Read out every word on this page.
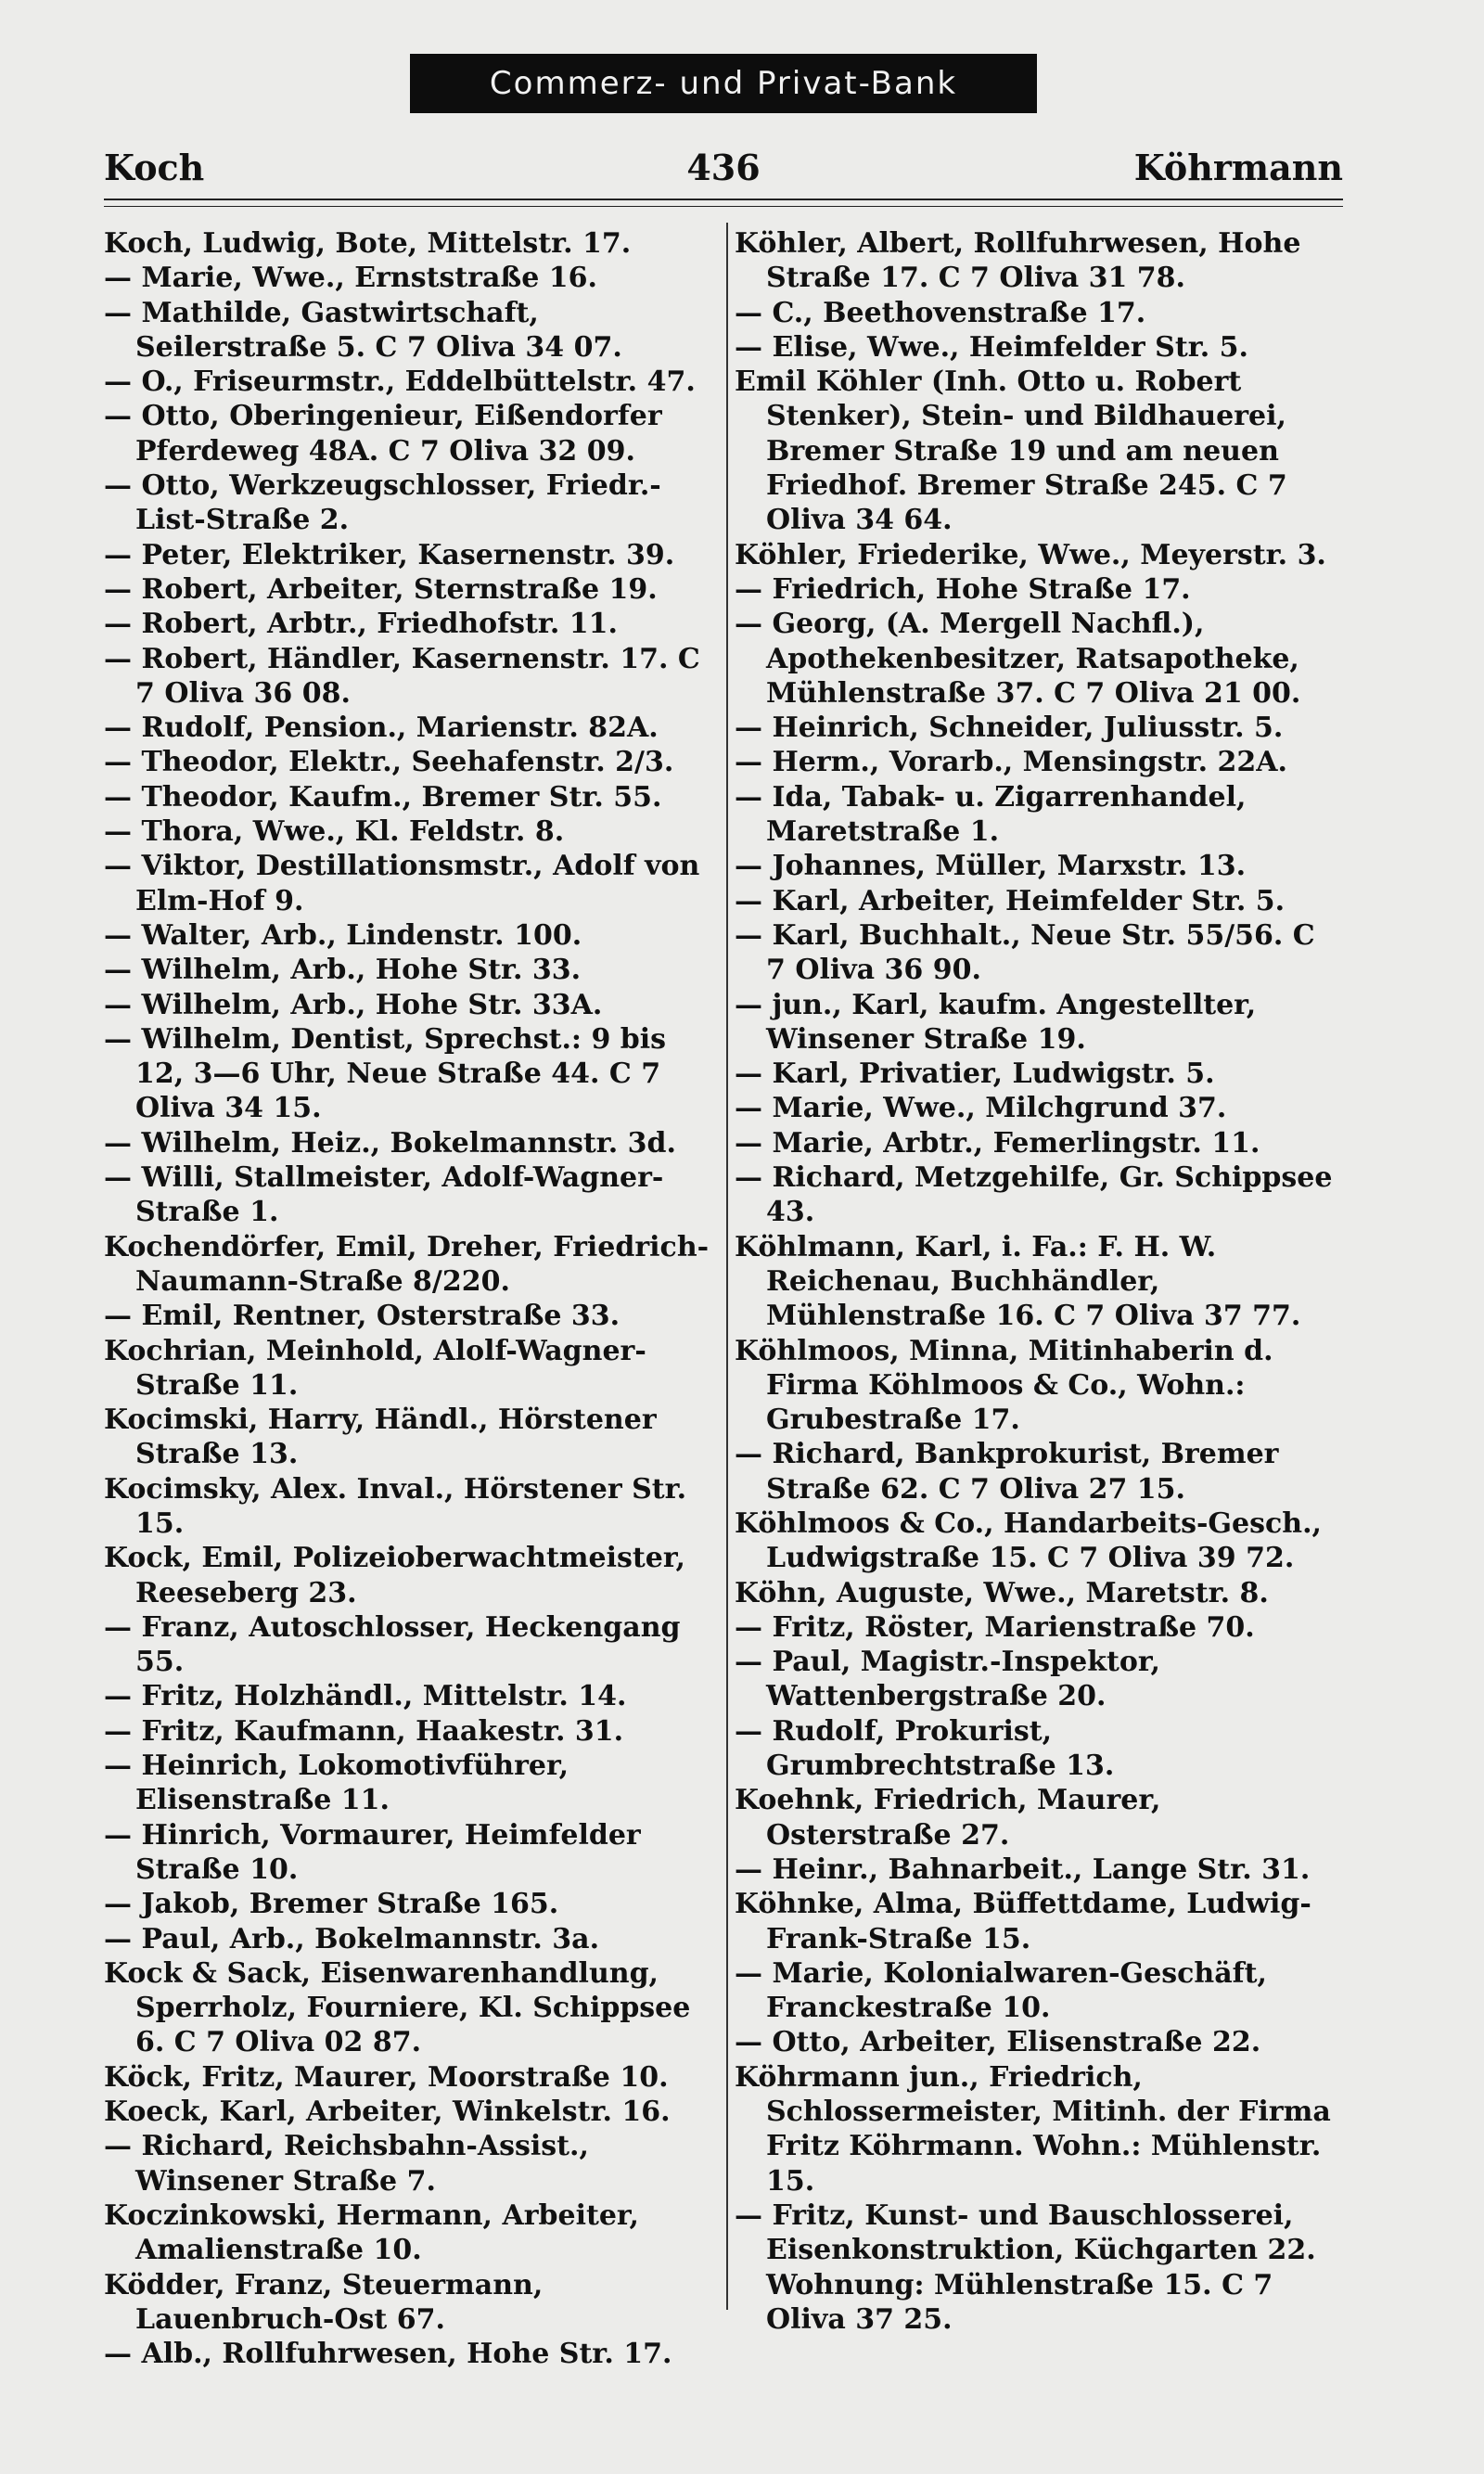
Commerz- und Privat-Bank
Koch	436	Köhrmann

Koch, Ludwig, Bote, Mittelstr. 17.

— Marie, Wwe., Ernststraße 16.

— Mathilde, Gastwirtschaft, Seilerstraße 5. C 7 Oliva 34 07.

— O., Friseurmstr., Eddelbüttelstr. 47.

— Otto, Oberingenieur, Eißendorfer Pferdeweg 48A. C 7 Oliva 32 09.

— Otto, Werkzeugschlosser, Friedr.-List-Straße 2.

— Peter, Elektriker, Kasernenstr. 39.

— Robert, Arbeiter, Sternstraße 19.

— Robert, Arbtr., Friedhofstr. 11.

— Robert, Händler, Kasernenstr. 17. C 7 Oliva 36 08.

— Rudolf, Pension., Marienstr. 82A.

— Theodor, Elektr., Seehafenstr. 2/3.

— Theodor, Kaufm., Bremer Str. 55.

— Thora, Wwe., Kl. Feldstr. 8.

— Viktor, Destillationsmstr., Adolf von Elm-Hof 9.

— Walter, Arb., Lindenstr. 100.

— Wilhelm, Arb., Hohe Str. 33.

— Wilhelm, Arb., Hohe Str. 33A.

— Wilhelm, Dentist, Sprechst.: 9 bis 12, 3—6 Uhr, Neue Straße 44. C 7 Oliva 34 15.

— Wilhelm, Heiz., Bokelmannstr. 3d.

— Willi, Stallmeister, Adolf-Wagner-Straße 1.

Kochendörfer, Emil, Dreher, Friedrich-Naumann-Straße 8/220.

— Emil, Rentner, Osterstraße 33.

Kochrian, Meinhold, Alolf-Wagner-Straße 11.

Kocimski, Harry, Händl., Hörstener Straße 13.

Kocimsky, Alex. Inval., Hörstener Str. 15.

Kock, Emil, Polizeioberwachtmeister, Reeseberg 23.

— Franz, Autoschlosser, Heckengang 55.

— Fritz, Holzhändl., Mittelstr. 14.

— Fritz, Kaufmann, Haakestr. 31.

— Heinrich, Lokomotivführer, Elisenstraße 11.

— Hinrich, Vormaurer, Heimfelder Straße 10.

— Jakob, Bremer Straße 165.

— Paul, Arb., Bokelmannstr. 3a.

Kock & Sack, Eisenwarenhandlung, Sperrholz, Fourniere, Kl. Schippsee 6. C 7 Oliva 02 87.

Köck, Fritz, Maurer, Moorstraße 10.

Koeck, Karl, Arbeiter, Winkelstr. 16.

— Richard, Reichsbahn-Assist., Winsener Straße 7.

Koczinkowski, Hermann, Arbeiter, Amalienstraße 10.

Ködder, Franz, Steuermann, Lauenbruch-Ost 67.

— Alb., Rollfuhrwesen, Hohe Str. 17.

Köhler, Albert, Rollfuhrwesen, Hohe Straße 17. C 7 Oliva 31 78.

— C., Beethovenstraße 17.

— Elise, Wwe., Heimfelder Str. 5.

Emil Köhler (Inh. Otto u. Robert Stenker), Stein- und Bildhauerei, Bremer Straße 19 und am neuen Friedhof. Bremer Straße 245. C 7 Oliva 34 64.

Köhler, Friederike, Wwe., Meyerstr. 3.

— Friedrich, Hohe Straße 17.

— Georg, (A. Mergell Nachfl.), Apothekenbesitzer, Ratsapotheke, Mühlenstraße 37. C 7 Oliva 21 00.

— Heinrich, Schneider, Juliusstr. 5.

— Herm., Vorarb., Mensingstr. 22A.

— Ida, Tabak- u. Zigarrenhandel, Maretstraße 1.

— Johannes, Müller, Marxstr. 13.

— Karl, Arbeiter, Heimfelder Str. 5.

— Karl, Buchhalt., Neue Str. 55/56. C 7 Oliva 36 90.

— jun., Karl, kaufm. Angestellter, Winsener Straße 19.

— Karl, Privatier, Ludwigstr. 5.

— Marie, Wwe., Milchgrund 37.

— Marie, Arbtr., Femerlingstr. 11.

— Richard, Metzgehilfe, Gr. Schippsee 43.

Köhlmann, Karl, i. Fa.: F. H. W. Reichenau, Buchhändler, Mühlenstraße 16. C 7 Oliva 37 77.

Köhlmoos, Minna, Mitinhaberin d. Firma Köhlmoos & Co., Wohn.: Grubestraße 17.

— Richard, Bankprokurist, Bremer Straße 62. C 7 Oliva 27 15.

Köhlmoos & Co., Handarbeits-Gesch., Ludwigstraße 15. C 7 Oliva 39 72.

Köhn, Auguste, Wwe., Maretstr. 8.

— Fritz, Röster, Marienstraße 70.

— Paul, Magistr.-Inspektor, Wattenbergstraße 20.

— Rudolf, Prokurist, Grumbrechtstraße 13.

Koehnk, Friedrich, Maurer, Osterstraße 27.

— Heinr., Bahnarbeit., Lange Str. 31.

Köhnke, Alma, Büffettdame, Ludwig-Frank-Straße 15.

— Marie, Kolonialwaren-Geschäft, Franckestraße 10.

— Otto, Arbeiter, Elisenstraße 22.

Köhrmann jun., Friedrich, Schlossermeister, Mitinh. der Firma Fritz Köhrmann. Wohn.: Mühlenstr. 15.

— Fritz, Kunst- und Bauschlosserei, Eisenkonstruktion, Küchgarten 22. Wohnung: Mühlenstraße 15. C 7 Oliva 37 25.
